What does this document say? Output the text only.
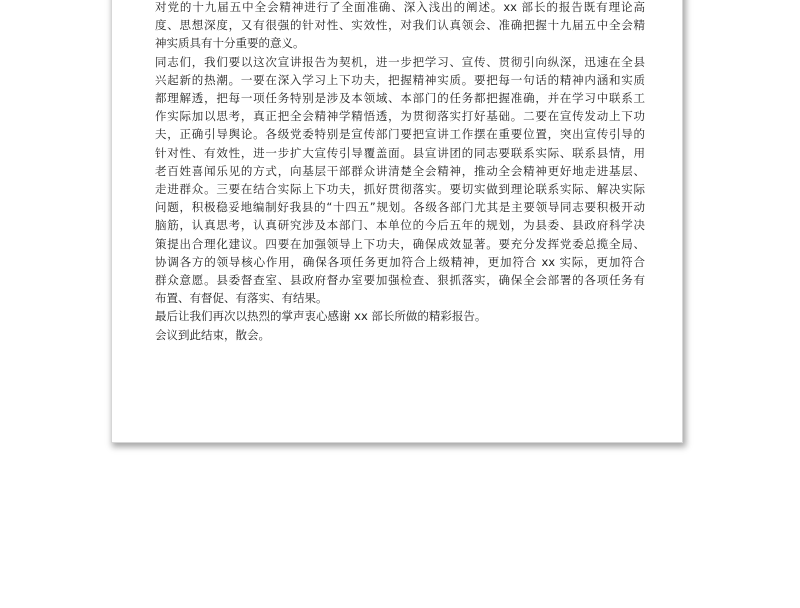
对党的十九届五中全会精神进行了全面准确、深入浅出的阐述。xx 部长的报告既有理论高
度、思想深度，又有很强的针对性、实效性，对我们认真领会、准确把握十九届五中全会精
神实质具有十分重要的意义。
同志们，我们要以这次宣讲报告为契机，进一步把学习、宣传、贯彻引向纵深，迅速在全县
兴起新的热潮。一要在深入学习上下功夫，把握精神实质。要把每一句话的精神内涵和实质
都理解透，把每一项任务特别是涉及本领域、本部门的任务都把握准确，并在学习中联系工
作实际加以思考，真正把全会精神学精悟透，为贯彻落实打好基础。二要在宣传发动上下功
夫，正确引导舆论。各级党委特别是宣传部门要把宣讲工作摆在重要位置，突出宣传引导的
针对性、有效性，进一步扩大宣传引导覆盖面。县宣讲团的同志要联系实际、联系县情，用
老百姓喜闻乐见的方式，向基层干部群众讲清楚全会精神，推动全会精神更好地走进基层、
走进群众。三要在结合实际上下功夫，抓好贯彻落实。要切实做到理论联系实际、解决实际
问题，积极稳妥地编制好我县的“十四五”规划。各级各部门尤其是主要领导同志要积极开动
脑筋，认真思考，认真研究涉及本部门、本单位的今后五年的规划，为县委、县政府科学决
策提出合理化建议。四要在加强领导上下功夫，确保成效显著。要充分发挥党委总揽全局、
协调各方的领导核心作用，确保各项任务更加符合上级精神，更加符合 xx 实际，更加符合
群众意愿。县委督查室、县政府督办室要加强检查、狠抓落实，确保全会部署的各项任务有
布置、有督促、有落实、有结果。
最后让我们再次以热烈的掌声衷心感谢 xx 部长所做的精彩报告。
会议到此结束，散会。
